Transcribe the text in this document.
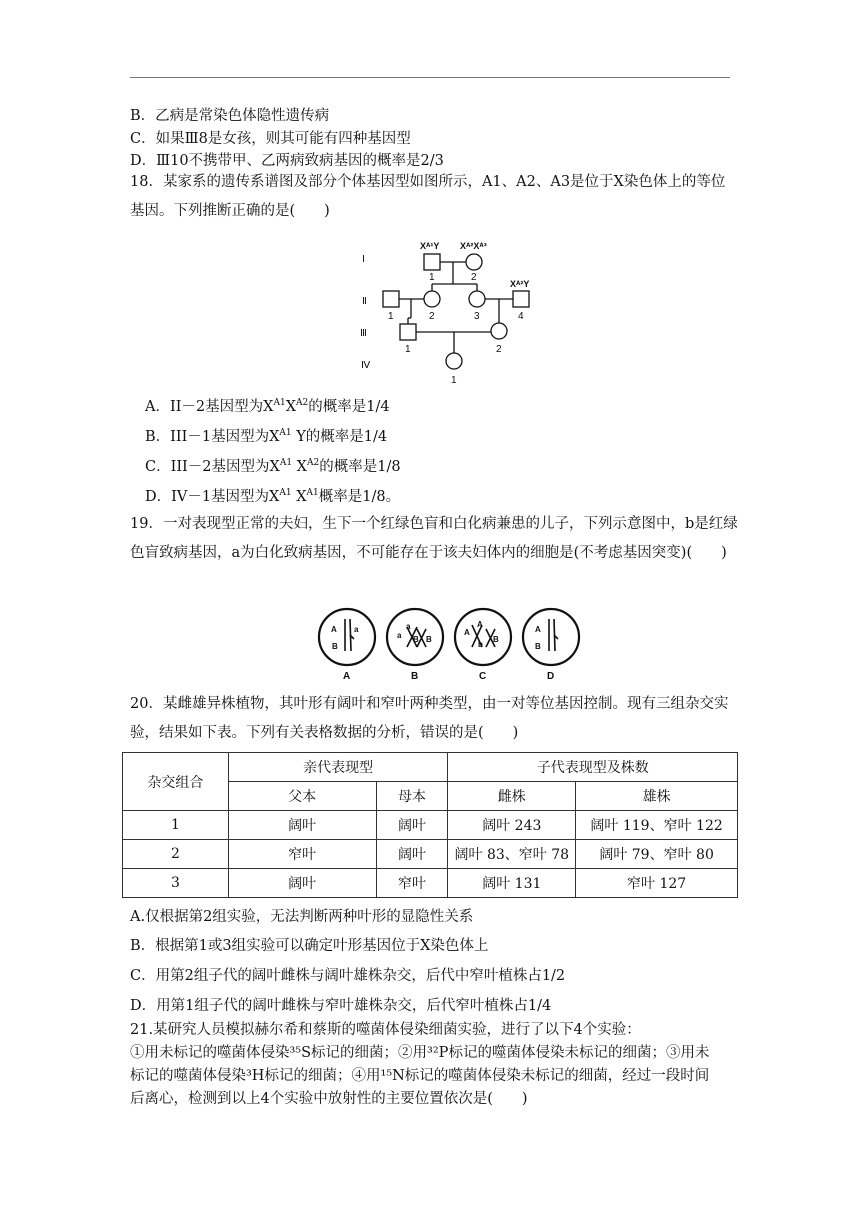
B．乙病是常染色体隐性遗传病
C．如果Ⅲ8是女孩，则其可能有四种基因型
D．Ⅲ10不携带甲、乙两病致病基因的概率是2/3
18．某家系的遗传系谱图及部分个体基因型如图所示，A1、A2、A3是位于X染色体上的等位基因。下列推断正确的是(　　)
Ⅰ
Ⅱ
Ⅲ
Ⅳ
Xᴬ¹Y Xᴬ²Xᴬ³
Xᴬ²Y
1	2
1	2	3	4
1	2
1
A．II－2基因型为$X^{A1}X^{A2}$的概率是1/4
B．III－1基因型为$X^{A1}$ Y的概率是1/4
C．III－2基因型为$X^{A1}$ $X^{A2}$的概率是1/8
D．IV－1基因型为$X^{A1}$ $X^{A1}$概率是1/8。
19．一对表现型正常的夫妇，生下一个红绿色盲和白化病兼患的儿子，下列示意图中，b是红绿色盲致病基因，a为白化致病基因，不可能存在于该夫妇体内的细胞是(不考虑基因突变)(　　)
A a
B
a
a
B
B
A
A
b
B
A
B
A	B	C	D
20．某雌雄异株植物，其叶形有阔叶和窄叶两种类型，由一对等位基因控制。现有三组杂交实验，结果如下表。下列有关表格数据的分析，错误的是(　　)
杂交组合	亲代表现型		子代表现型及株数	
	父本	母本	雌株	雄株
1	阔叶	阔叶	阔叶 243	阔叶 119、窄叶 122
2	窄叶	阔叶	阔叶 83、窄叶 78	阔叶 79、窄叶 80
3	阔叶	窄叶	阔叶 131	窄叶 127
A.仅根据第2组实验，无法判断两种叶形的显隐性关系
B．根据第1或3组实验可以确定叶形基因位于X染色体上
C．用第2组子代的阔叶雌株与阔叶雄株杂交，后代中窄叶植株占1/2
D．用第1组子代的阔叶雌株与窄叶雄株杂交，后代窄叶植株占1/4
21.某研究人员模拟赫尔希和蔡斯的噬菌体侵染细菌实验，进行了以下4个实验：
①用未标记的噬菌体侵染³⁵S标记的细菌；②用³²P标记的噬菌体侵染未标记的细菌；③用未
标记的噬菌体侵染³H标记的细菌；④用¹⁵N标记的噬菌体侵染未标记的细菌，经过一段时间
后离心，检测到以上4个实验中放射性的主要位置依次是(　　)
